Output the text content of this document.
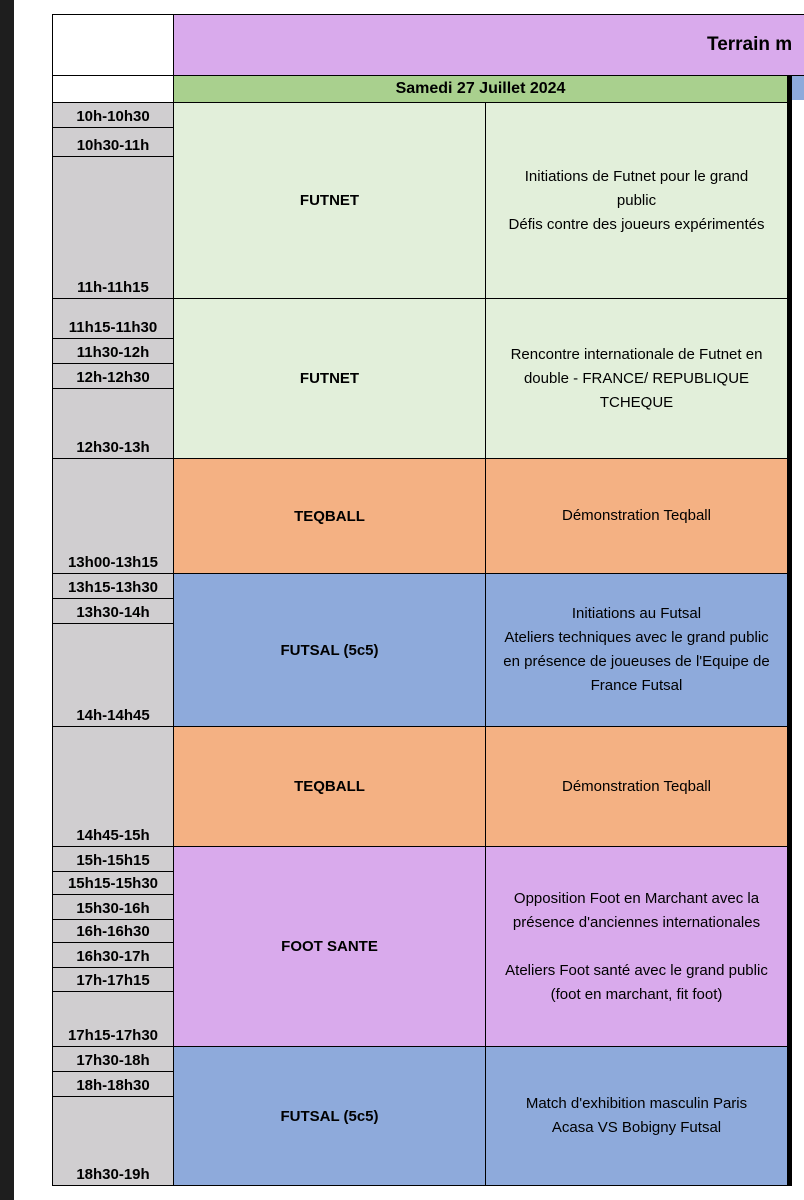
Terrain m
Samedi 27 Juillet 2024
10h-10h30
10h30-11h
11h-11h15
11h15-11h30
11h30-12h
12h-12h30
12h30-13h
13h00-13h15
13h15-13h30
13h30-14h
14h-14h45
14h45-15h
15h-15h15
15h15-15h30
15h30-16h
16h-16h30
16h30-17h
17h-17h15
17h15-17h30
17h30-18h
18h-18h30
18h30-19h
FUTNET
Initiations de Futnet pour le grand
public
Défis contre des joueurs expérimentés
FUTNET
Rencontre internationale de Futnet en
double - FRANCE/ REPUBLIQUE
TCHEQUE
TEQBALL	Démonstration Teqball
FUTSAL (5c5)
Initiations au Futsal
Ateliers techniques avec le grand public
en présence de joueuses de l'Equipe de
France Futsal
TEQBALL	Démonstration Teqball
FOOT SANTE
Opposition Foot en Marchant avec la
présence d'anciennes internationales
Ateliers Foot santé avec le grand public
(foot en marchant, fit foot)
FUTSAL (5c5)
Match d'exhibition masculin Paris
Acasa VS Bobigny Futsal
